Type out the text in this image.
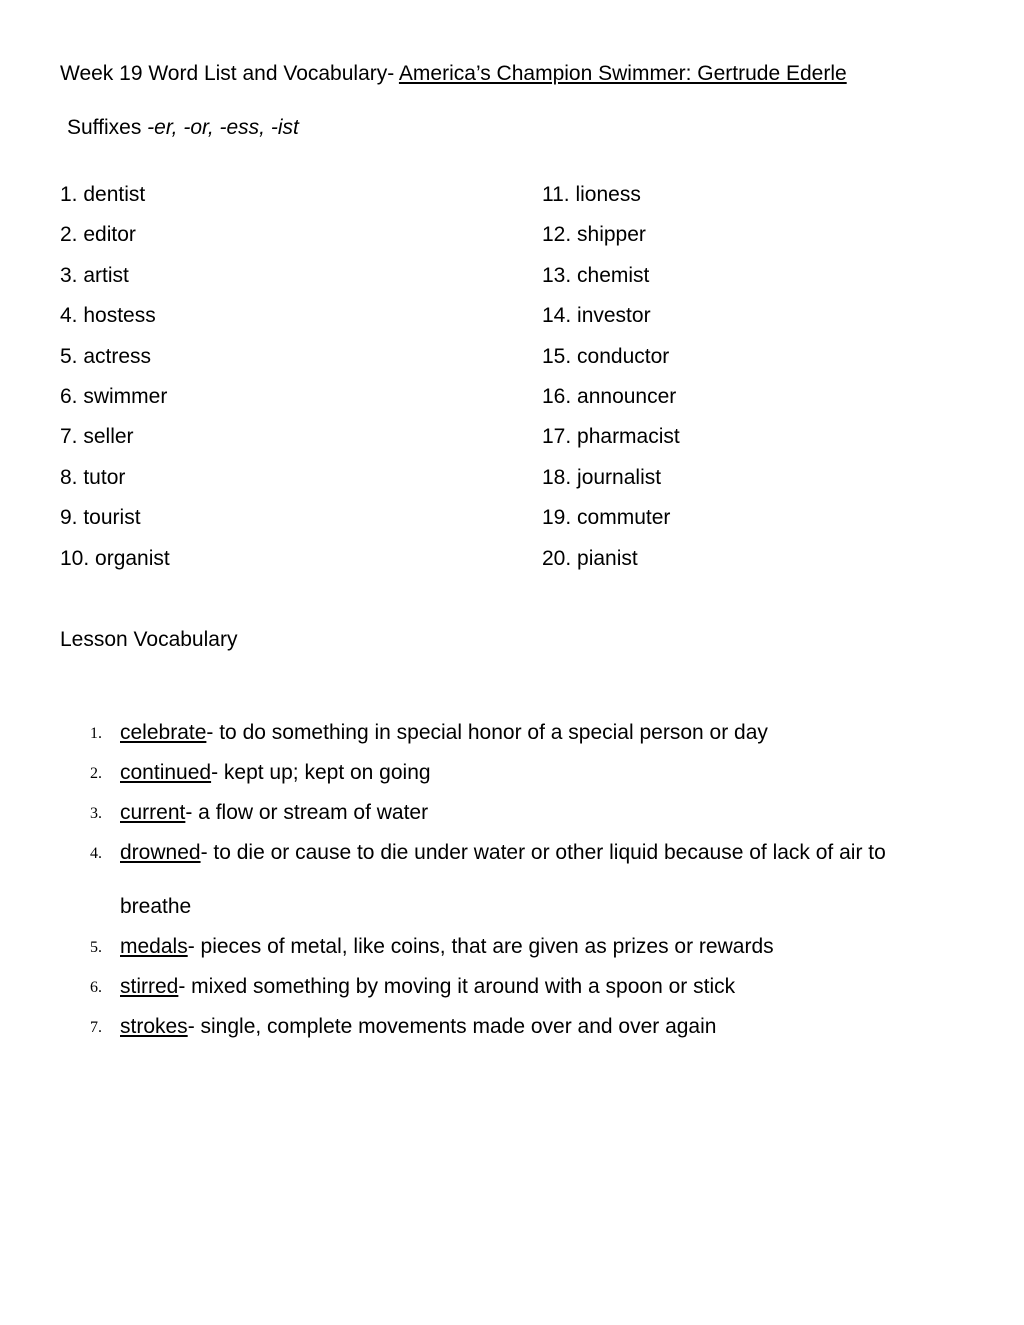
Week 19 Word List and Vocabulary- America’s Champion Swimmer: Gertrude Ederle
Suffixes -er, -or, -ess, -ist
1. dentist
2. editor
3. artist
4. hostess
5. actress
6. swimmer
7. seller
8. tutor
9. tourist
10. organist
11. lioness
12. shipper
13. chemist
14. investor
15. conductor
16. announcer
17. pharmacist
18. journalist
19. commuter
20. pianist
Lesson Vocabulary
1. celebrate- to do something in special honor of a special person or day
2. continued- kept up; kept on going
3. current- a flow or stream of water
4. drowned- to die or cause to die under water or other liquid because of lack of air to breathe
5. medals- pieces of metal, like coins, that are given as prizes or rewards
6. stirred- mixed something by moving it around with a spoon or stick
7. strokes- single, complete movements made over and over again
